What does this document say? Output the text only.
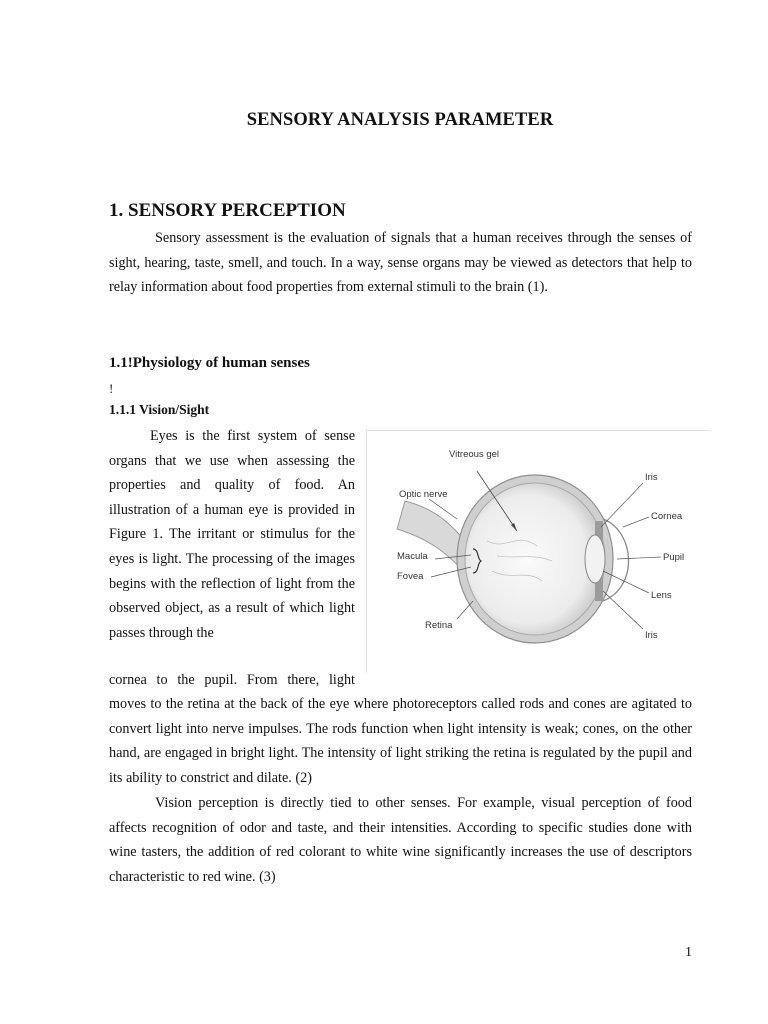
SENSORY ANALYSIS PARAMETER
1. SENSORY PERCEPTION

Sensory assessment is the evaluation of signals that a human receives through the senses of sight, hearing, taste, smell, and touch. In a way, sense organs may be viewed as detectors that help to relay information about food properties from external stimuli to the brain (1).

1.1!Physiology of human senses
!
1.1.1 Vision/Sight

Eyes is the first system of sense organs that we use when assessing the properties and quality of food. An illustration of a human eye is provided in Figure 1. The irritant or stimulus for the eyes is light. The processing of the images begins with the reflection of light from the observed object, as a result of which light passes through the

cornea to the pupil. From there, light

moves to the retina at the back of the eye where photoreceptors called rods and cones are agitated to convert light into nerve impulses. The rods function when light intensity is weak; cones, on the other hand, are engaged in bright light. The intensity of light striking the retina is regulated by the pupil and its ability to constrict and dilate. (2)

Vision perception is directly tied to other senses. For example, visual perception of food affects recognition of odor and taste, and their intensities. According to specific studies done with wine tasters, the addition of red colorant to white wine significantly increases the use of descriptors characteristic to red wine. (3)

Vitreous gel
Optic nerve
Macula
Fovea
Retina
Iris
Cornea
Pupil
Lens
Iris
1
